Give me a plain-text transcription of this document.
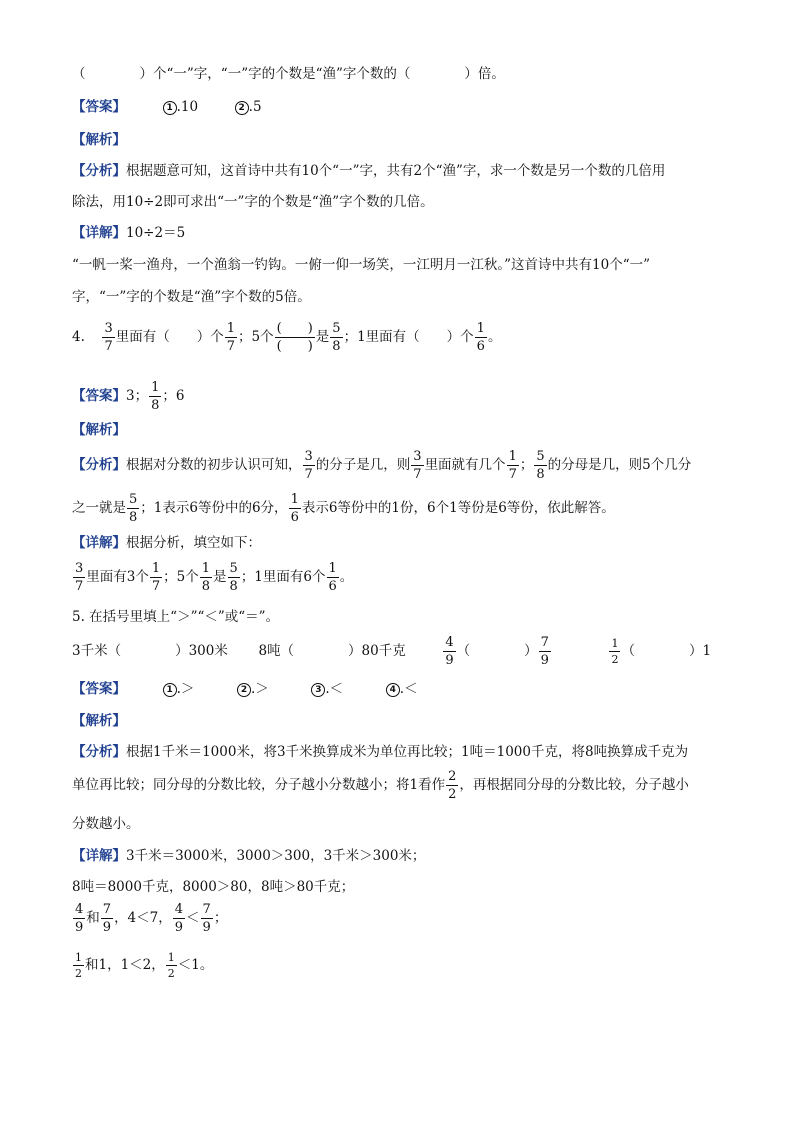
（　　　　）个“一”字，“一”字的个数是“渔”字个数的（　　　　）倍。
【答案】	1 .10	2 .5
【解析】
【分析】根据题意可知，这首诗中共有10个“一”字，共有2个“渔”字，求一个数是另一个数的几倍用
除法，用10÷2即可求出“一”字的个数是“渔”字个数的几倍。
【详解】10÷2＝5
“一帆一桨一渔舟，一个渔翁一钓钩。一俯一仰一场笑，一江明月一江秋。”这首诗中共有10个“一”
字，“一”字的个数是“渔”字个数的5倍。
4. $\frac{3}{7}$ 里面有（　　）个 $\frac{1}{7}$ ；5个 $\frac{( )}{( )}$ 是 $\frac{5}{8}$ ；1里面有（　　）个 $\frac{1}{6}$ 。
【答案】3； $\frac{1}{8}$ ；6
【解析】
【分析】根据对分数的初步认识可知， $\frac{3}{7}$ 的分子是几，则 $\frac{3}{7}$ 里面就有几个 $\frac{1}{7}$ ； $\frac{5}{8}$ 的分母是几，则5个几分
之一就是 $\frac{5}{8}$ ；1表示6等份中的6分， $\frac{1}{6}$ 表示6等份中的1份，6个1等份是6等份，依此解答。
【详解】根据分析，填空如下：
$\frac{3}{7}$ 里面有3个 $\frac{1}{7}$ ；5个 $\frac{1}{8}$ 是 $\frac{5}{8}$ ；1里面有6个 $\frac{1}{6}$ 。
5. 在括号里填上“＞”“＜”或“＝”。
3千米（　　　　）300米 8吨（　　　　）80千克	$\frac{4}{9}$ （　　　　） $\frac{7}{9}$
	$\frac{1}{2}$ （　　　　）1
【答案】	1 .＞	2 .＞	3 .＜	4 .＜
【解析】
【分析】根据1千米＝1000米，将3千米换算成米为单位再比较；1吨＝1000千克，将8吨换算成千克为
单位再比较；同分母的分数比较，分子越小分数越小；将1看作 $\frac{2}{2}$ ，再根据同分母的分数比较，分子越小
分数越小。
【详解】3千米＝3000米，3000＞300，3千米＞300米；
8吨＝8000千克，8000＞80，8吨＞80千克；
$\frac{4}{9}$ 和 $\frac{7}{9}$ ，4＜7， $\frac{4}{9} < \frac{7}{9}$ ；
$\frac{1}{2}$ 和1，1＜2， $\frac{1}{2} <1$。
